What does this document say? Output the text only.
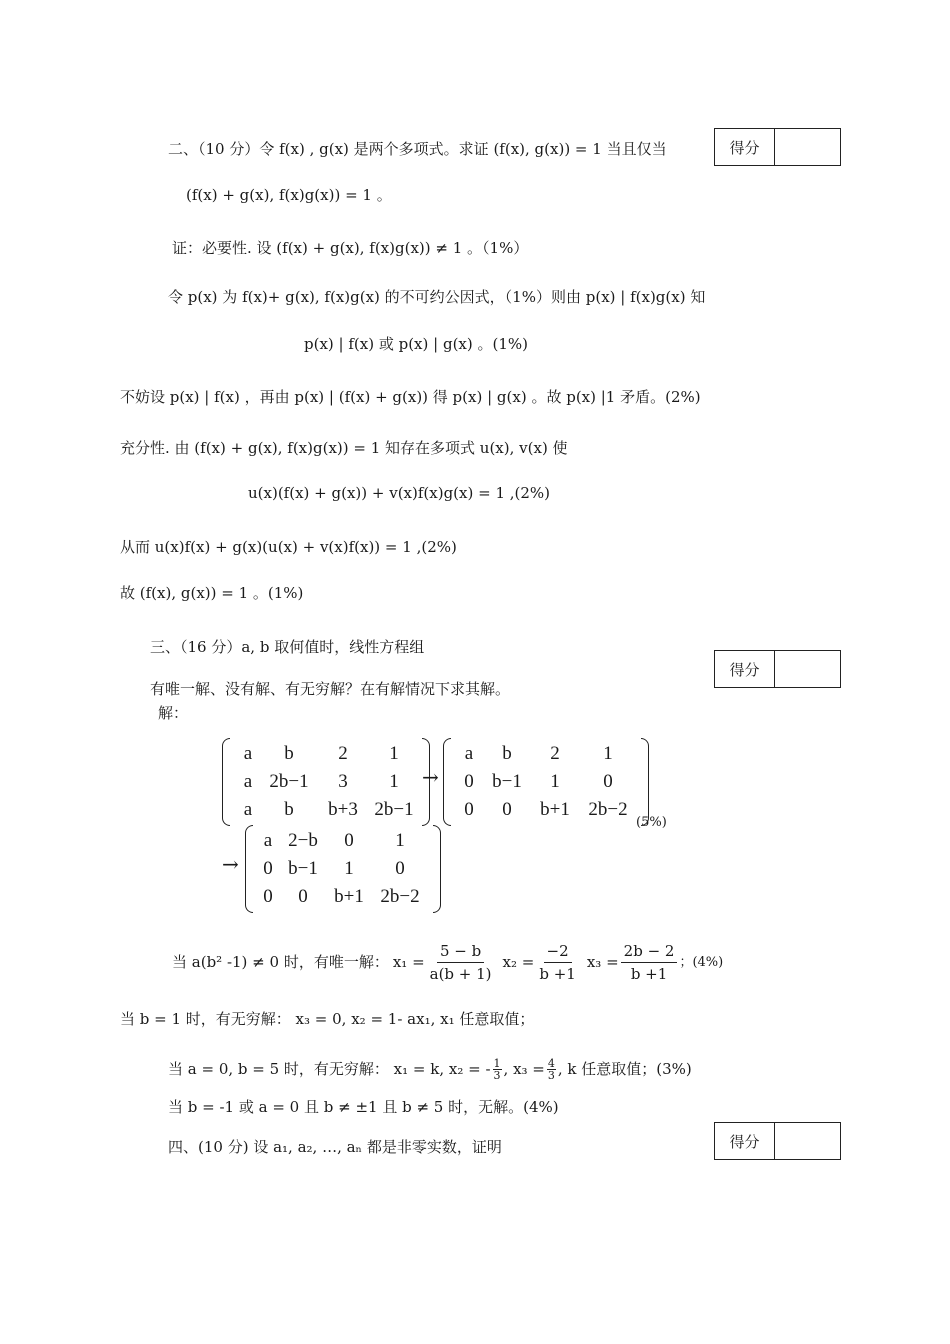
二、（10 分）令 f(x) , g(x) 是两个多项式。求证 (f(x), g(x)) = 1 当且仅当	得分
(f(x) + g(x), f(x)g(x)) = 1 。
证：必要性. 设 (f(x) + g(x), f(x)g(x)) ≠ 1 。（1%）
令 p(x) 为 f(x)+ g(x), f(x)g(x) 的不可约公因式，（1%）则由 p(x) | f(x)g(x) 知
p(x) | f(x) 或 p(x) | g(x) 。(1%)
不妨设 p(x) | f(x) ，再由 p(x) | (f(x) + g(x)) 得 p(x) | g(x) 。故 p(x) |1 矛盾。(2%)
充分性. 由 (f(x) + g(x), f(x)g(x)) = 1 知存在多项式 u(x), v(x) 使
u(x)(f(x) + g(x)) + v(x)f(x)g(x) = 1 ,(2%)
从而 u(x)f(x) + g(x)(u(x) + v(x)f(x)) = 1 ,(2%)
故 (f(x), g(x)) = 1 。(1%)
三、（16 分）a, b 取何值时，线性方程组
得分
有唯一解、没有解、有无穷解？在有解情况下求其解。
解：
a	b	2	1
a 2b−1	3	1
a	b	b+3 2b−1
→
a	b	2	1
0 b−1	1	0
0	0	b+1 2b−2
(5%)
→
a 2−b	0	1
0 b−1	1	0
0	0	b+1 2b−2
当 a(b² -1) ≠ 0 时，有唯一解： $x_1 = \frac{5 - b}{a(b + 1)} x_2 = \frac{-2}{b +1} x_3 = \frac{2b - 2}{b +1}$ ；(4%)
当 b = 1 时，有无穷解： x₃ = 0, x₂ = 1- ax₁, x₁ 任意取值；
当 a = 0, b = 5 时，有无穷解： x₁ = k, x₂ = - $\frac{1}{3}$ , $x_3 = \frac{4}{3}$ , k 任意取值；(3%)
当 b = -1 或 a = 0 且 b ≠ ±1 且 b ≠ 5 时，无解。(4%)
四、(10 分) 设 a₁, a₂, …, aₙ 都是非零实数，证明	得分
